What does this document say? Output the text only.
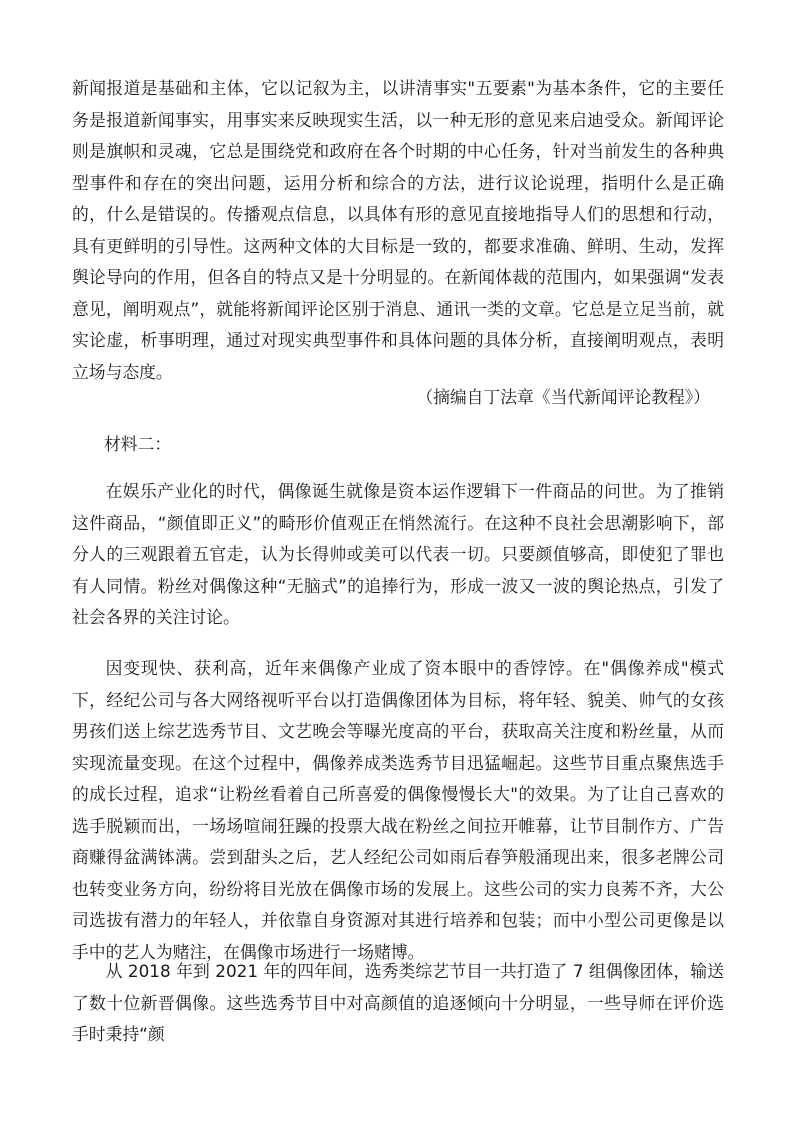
新闻报道是基础和主体，它以记叙为主，以讲清事实"五要素"为基本条件，它的主要任务是报道新闻事实，用事实来反映现实生活，以一种无形的意见来启迪受众。新闻评论则是旗帜和灵魂，它总是围绕党和政府在各个时期的中心任务，针对当前发生的各种典型事件和存在的突出问题，运用分析和综合的方法，进行议论说理，指明什么是正确的，什么是错误的。传播观点信息，以具体有形的意见直接地指导人们的思想和行动，具有更鲜明的引导性。这两种文体的大目标是一致的，都要求准确、鲜明、生动，发挥舆论导向的作用，但各自的特点又是十分明显的。在新闻体裁的范围内，如果强调“发表意见，阐明观点”，就能将新闻评论区别于消息、通讯一类的文章。它总是立足当前，就实论虚，析事明理，通过对现实典型事件和具体问题的具体分析，直接阐明观点，表明立场与态度。

（摘编自丁法章《当代新闻评论教程》）

材料二：

在娱乐产业化的时代，偶像诞生就像是资本运作逻辑下一件商品的问世。为了推销这件商品，“颜值即正义”的畸形价值观正在悄然流行。在这种不良社会思潮影响下，部分人的三观跟着五官走，认为长得帅或美可以代表一切。只要颜值够高，即使犯了罪也有人同情。粉丝对偶像这种“无脑式”的追捧行为，形成一波又一波的舆论热点，引发了社会各界的关注讨论。

因变现快、获利高，近年来偶像产业成了资本眼中的香饽饽。在"偶像养成"模式下，经纪公司与各大网络视听平台以打造偶像团体为目标，将年轻、貌美、帅气的女孩男孩们送上综艺选秀节目、文艺晚会等曝光度高的平台，获取高关注度和粉丝量，从而实现流量变现。在这个过程中，偶像养成类选秀节目迅猛崛起。这些节目重点聚焦选手的成长过程，追求“让粉丝看着自己所喜爱的偶像慢慢长大"的效果。为了让自己喜欢的选手脱颖而出，一场场喧闹狂躁的投票大战在粉丝之间拉开帷幕，让节目制作方、广告商赚得盆满钵满。尝到甜头之后，艺人经纪公司如雨后春笋般涌现出来，很多老牌公司也转变业务方向，纷纷将目光放在偶像市场的发展上。这些公司的实力良莠不齐，大公司选拔有潜力的年轻人，并依靠自身资源对其进行培养和包装；而中小型公司更像是以手中的艺人为赌注，在偶像市场进行一场赌博。

从 2018 年到 2021 年的四年间，选秀类综艺节目一共打造了 7 组偶像团体，输送了数十位新晋偶像。这些选秀节目中对高颜值的追逐倾向十分明显，一些导师在评价选手时秉持“颜
